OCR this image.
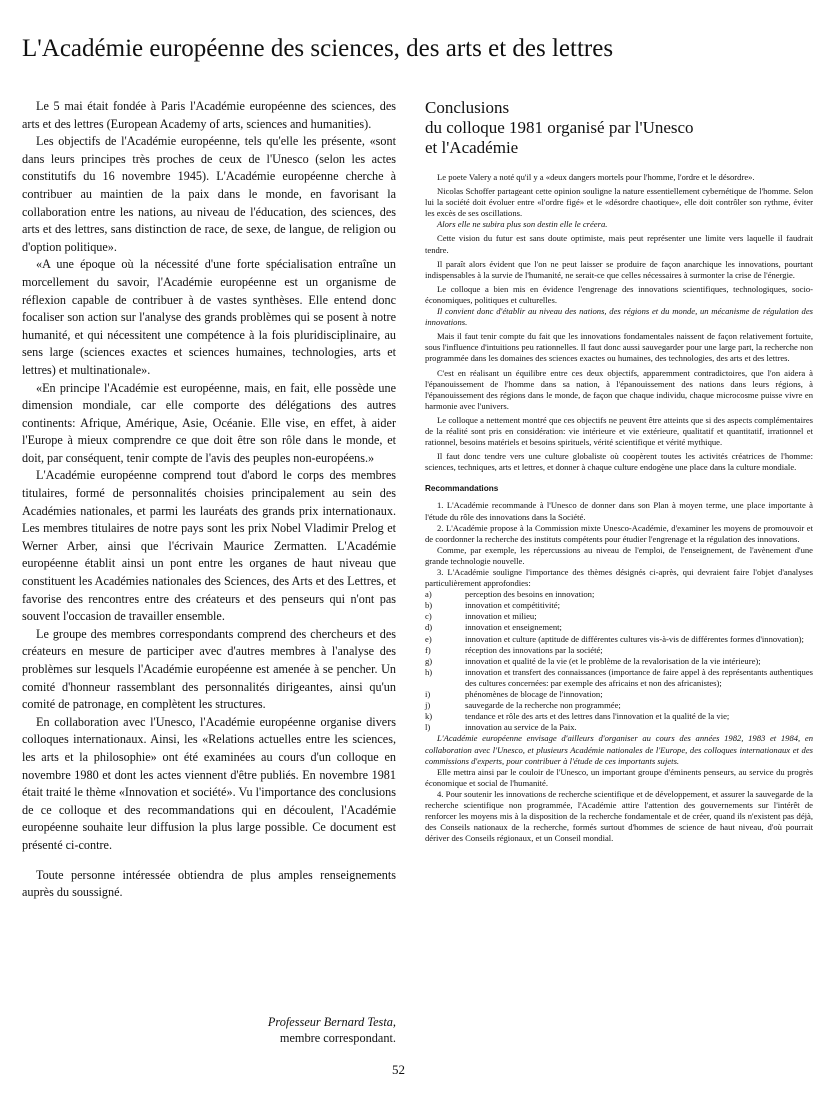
L'Académie européenne des sciences, des arts et des lettres

Le 5 mai était fondée à Paris l'Académie européenne des sciences, des arts et des lettres (European Academy of arts, sciences and humanities).

Les objectifs de l'Académie européenne, tels qu'elle les présente, «sont dans leurs principes très proches de ceux de l'Unesco (selon les actes constitutifs du 16 novembre 1945). L'Académie européenne cherche à contribuer au maintien de la paix dans le monde, en favorisant la collaboration entre les nations, au niveau de l'éducation, des sciences, des arts et des lettres, sans distinction de race, de sexe, de langue, de religion ou d'option politique».

«A une époque où la nécessité d'une forte spécialisation entraîne un morcellement du savoir, l'Académie européenne est un organisme de réflexion capable de contribuer à de vastes synthèses. Elle entend donc focaliser son action sur l'analyse des grands problèmes qui se posent à notre humanité, et qui nécessitent une compétence à la fois pluridisciplinaire, au sens large (sciences exactes et sciences humaines, technologies, arts et lettres) et multinationale».

«En principe l'Académie est européenne, mais, en fait, elle possède une dimension mondiale, car elle comporte des délégations des autres continents: Afrique, Amérique, Asie, Océanie. Elle vise, en effet, à aider l'Europe à mieux comprendre ce que doit être son rôle dans le monde, et doit, par conséquent, tenir compte de l'avis des peuples non-européens.»

L'Académie européenne comprend tout d'abord le corps des membres titulaires, formé de personnalités choisies principalement au sein des Académies nationales, et parmi les lauréats des grands prix internationaux. Les membres titulaires de notre pays sont les prix Nobel Vladimir Prelog et Werner Arber, ainsi que l'écrivain Maurice Zermatten. L'Académie européenne établit ainsi un pont entre les organes de haut niveau que constituent les Académies nationales des Sciences, des Arts et des Lettres, et favorise des rencontres entre des créateurs et des penseurs qui n'ont pas souvent l'occasion de travailler ensemble.

Le groupe des membres correspondants comprend des chercheurs et des créateurs en mesure de participer avec d'autres membres à l'analyse des problèmes sur lesquels l'Académie européenne est amenée à se pencher. Un comité d'honneur rassemblant des personnalités dirigeantes, ainsi qu'un comité de patronage, en complètent les structures.

En collaboration avec l'Unesco, l'Académie européenne organise divers colloques internationaux. Ainsi, les «Relations actuelles entre les sciences, les arts et la philosophie» ont été examinées au cours d'un colloque en novembre 1980 et dont les actes viennent d'être publiés. En novembre 1981 était traité le thème «Innovation et société». Vu l'importance des conclusions de ce colloque et des recommandations qui en découlent, l'Académie européenne souhaite leur diffusion la plus large possible. Ce document est présenté ci-contre.

Toute personne intéressée obtiendra de plus amples renseignements auprès du soussigné.

Professeur Bernard Testa,
membre correspondant.
Conclusions
du colloque 1981 organisé par l'Unesco
et l'Académie

Le poete Valery a noté qu'il y a «deux dangers mortels pour l'homme, l'ordre et le désordre».

Nicolas Schoffer partageant cette opinion souligne la nature essentiellement cybernétique de l'homme. Selon lui la société doit évoluer entre «l'ordre figé» et le «désordre chaotique», elle doit contrôler son rythme, éviter les excès de ses oscillations.

Alors elle ne subira plus son destin elle le créera.

Cette vision du futur est sans doute optimiste, mais peut représenter une limite vers laquelle il faudrait tendre.

Il paraît alors évident que l'on ne peut laisser se produire de façon anarchique les innovations, pourtant indispensables à la survie de l'humanité, ne serait-ce que celles nécessaires à surmonter la crise de l'énergie.

Le colloque a bien mis en évidence l'engrenage des innovations scientifiques, technologiques, socio-économiques, politiques et culturelles.

Il convient donc d'établir au niveau des nations, des régions et du monde, un mécanisme de régulation des innovations.

Mais il faut tenir compte du fait que les innovations fondamentales naissent de façon relativement fortuite, sous l'influence d'intuitions peu rationnelles. Il faut donc aussi sauvegarder pour une large part, la recherche non programmée dans les domaines des sciences exactes ou humaines, des technologies, des arts et des lettres.

C'est en réalisant un équilibre entre ces deux objectifs, apparemment contradictoires, que l'on aidera à l'épanouissement de l'homme dans sa nation, à l'épanouissement des nations dans leurs régions, à l'épanouissement des régions dans le monde, de façon que chaque individu, chaque microcosme puisse vivre en harmonie avec l'univers.

Le colloque a nettement montré que ces objectifs ne peuvent être atteints que si des aspects complémentaires de la réalité sont pris en considération: vie intérieure et vie extérieure, qualitatif et quantitatif, irrationnel et rationnel, besoins matériels et besoins spirituels, vérité scientifique et vérité mythique.

Il faut donc tendre vers une culture globaliste où coopèrent toutes les activités créatrices de l'homme: sciences, techniques, arts et lettres, et donner à chaque culture endogène une place dans la culture mondiale.

Recommandations

1. L'Académie recommande à l'Unesco de donner dans son Plan à moyen terme, une place importante à l'étude du rôle des innovations dans la Société.

2. L'Académie propose à la Commission mixte Unesco-Académie, d'examiner les moyens de promouvoir et de coordonner la recherche des instituts compétents pour étudier l'engrenage et la régulation des innovations.

Comme, par exemple, les répercussions au niveau de l'emploi, de l'enseignement, de l'avènement d'une grande technologie nouvelle.

3. L'Académie souligne l'importance des thèmes désignés ci-après, qui devraient faire l'objet d'analyses particulièrement approfondies:

a)	perception des besoins en innovation;
b)	innovation et compétitivité;
c)	innovation et milieu;
d)	innovation et enseignement;
e)	innovation et culture (aptitude de différentes cultures vis-à-vis de différentes formes d'innovation);
f)	réception des innovations par la société;
g)	innovation et qualité de la vie (et le problème de la revalorisation de la vie intérieure);
h)	innovation et transfert des connaissances (importance de faire appel à des représentants authentiques des cultures concernées: par exemple des africains et non des africanistes);
i)	phénomènes de blocage de l'innovation;
j)	sauvegarde de la recherche non programmée;
k)	tendance et rôle des arts et des lettres dans l'innovation et la qualité de la vie;
l)	innovation au service de la Paix.

L'Académie européenne envisage d'ailleurs d'organiser au cours des années 1982, 1983 et 1984, en collaboration avec l'Unesco, et plusieurs Académie nationales de l'Europe, des colloques internationaux et des commissions d'experts, pour contribuer à l'étude de ces importants sujets.

Elle mettra ainsi par le couloir de l'Unesco, un important groupe d'éminents penseurs, au service du progrès économique et social de l'humanité.

4. Pour soutenir les innovations de recherche scientifique et de développement, et assurer la sauvegarde de la recherche scientifique non programmée, l'Académie attire l'attention des gouvernements sur l'intérêt de renforcer les moyens mis à la disposition de la recherche fondamentale et de créer, quand ils n'existent pas déjà, des Conseils nationaux de la recherche, formés surtout d'hommes de science de haut niveau, d'où pourrait dériver des Conseils régionaux, et un Conseil mondial.

52
